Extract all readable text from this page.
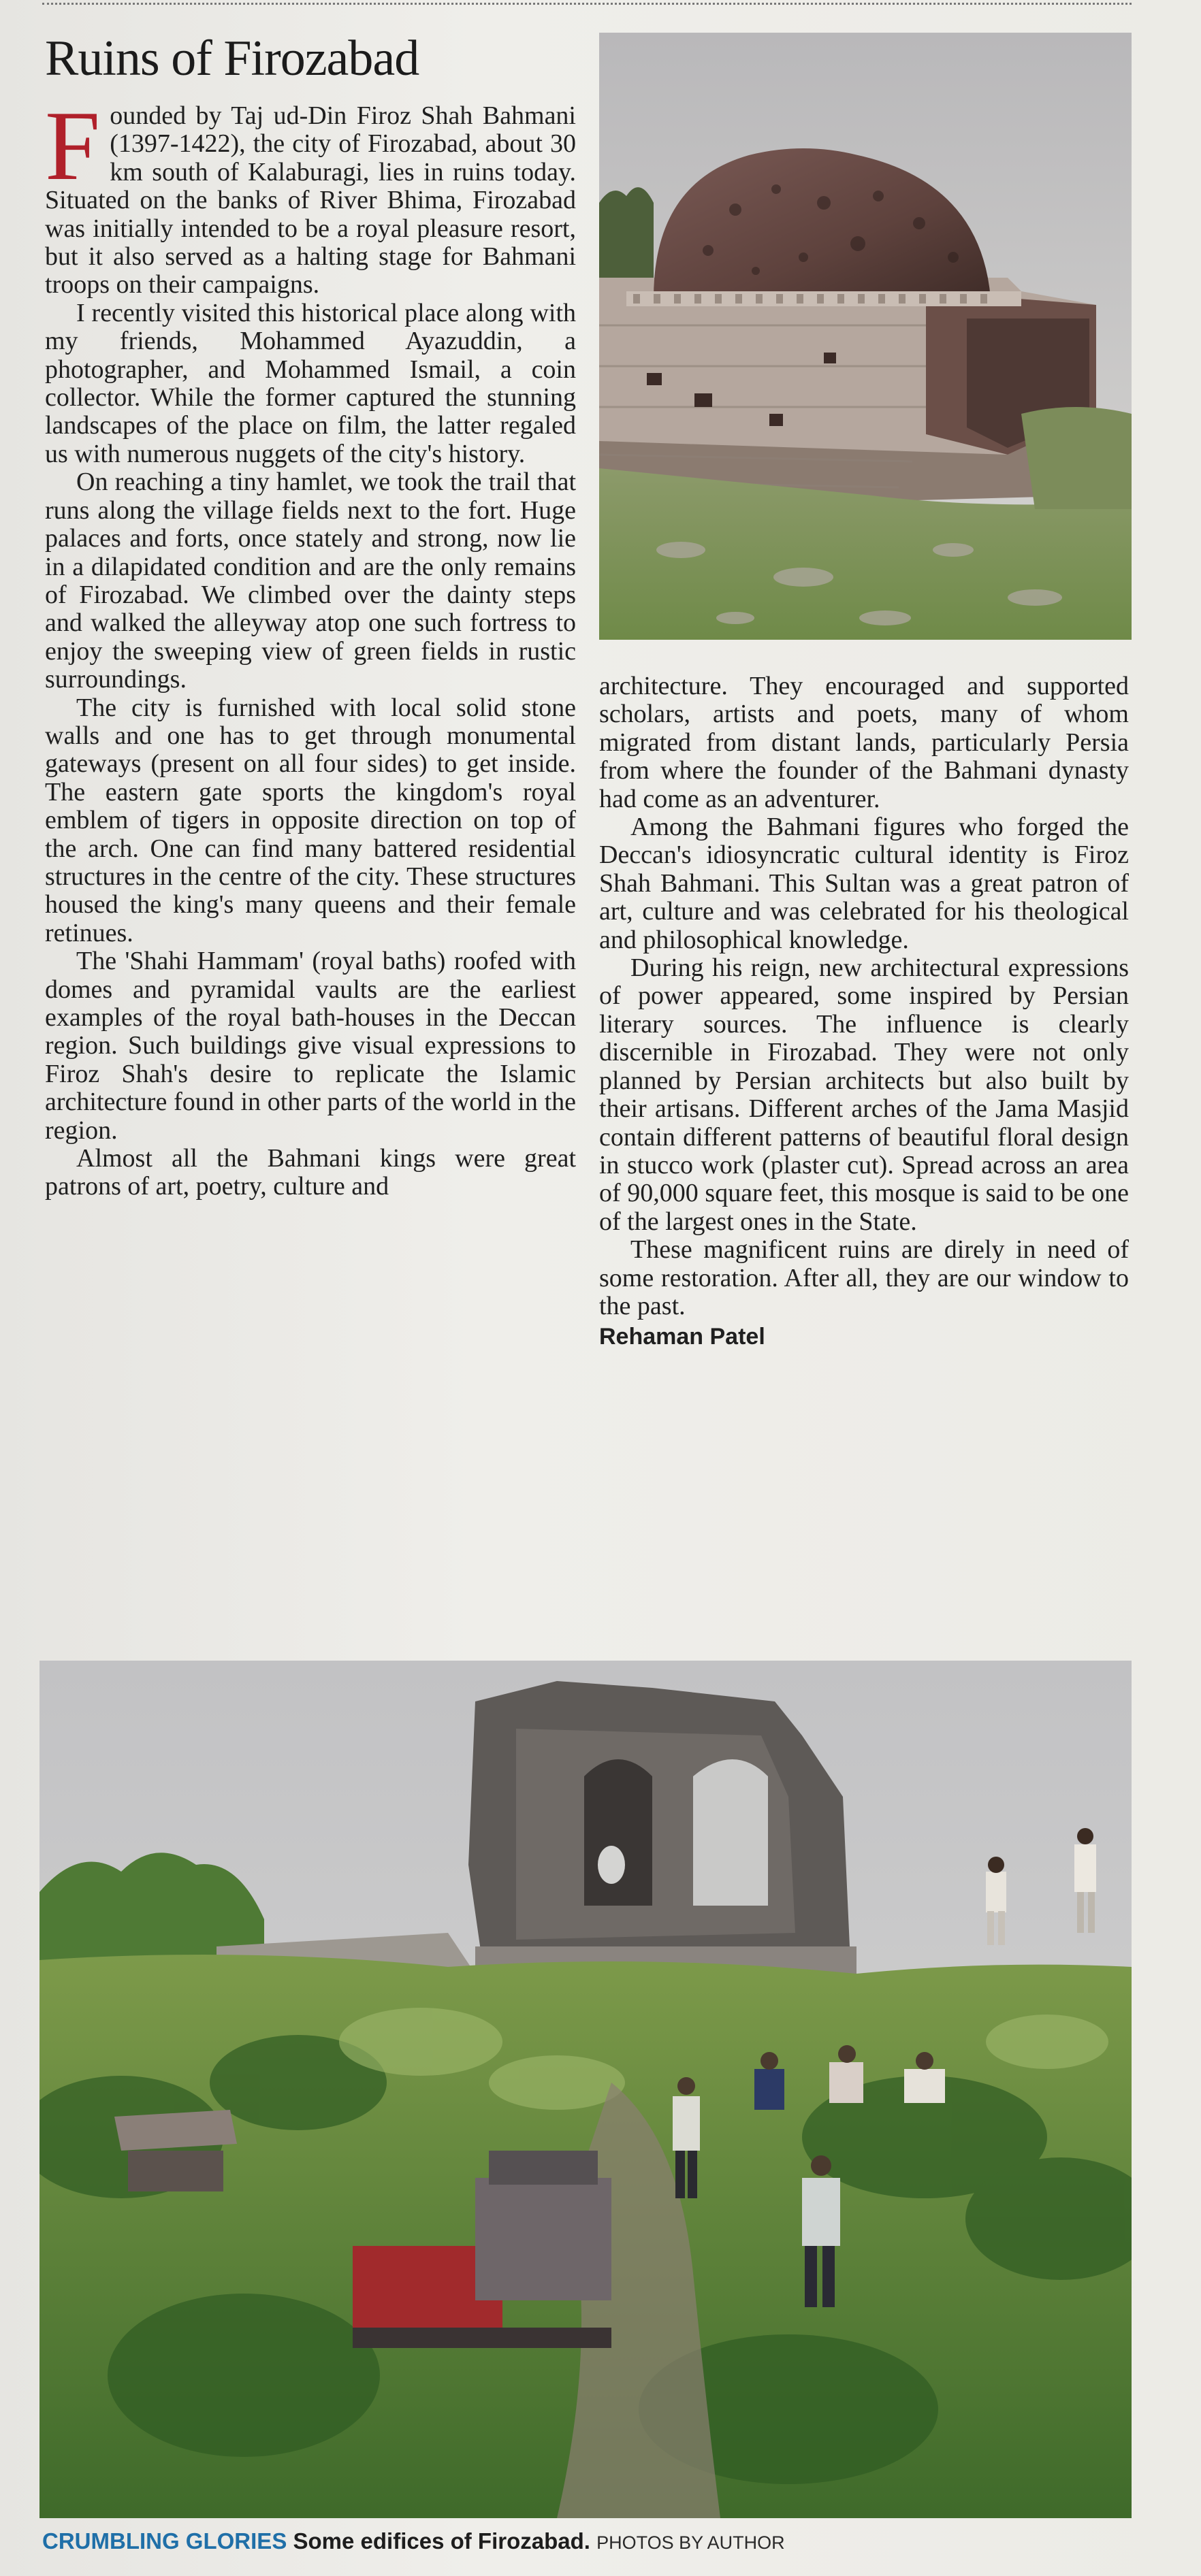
Ruins of Firozabad

Founded by Taj ud-Din Firoz Shah Bahmani (1397-1422), the city of Firozabad, about 30 km south of Kalaburagi, lies in ruins today. Situated on the banks of River Bhima, Firozabad was initially intended to be a royal pleasure resort, but it also served as a halting stage for Bahmani troops on their campaigns.

I recently visited this historical place along with my friends, Mohammed Ayazuddin, a photographer, and Mohammed Ismail, a coin collector. While the former captured the stunning landscapes of the place on film, the latter regaled us with numerous nuggets of the city's history.

On reaching a tiny hamlet, we took the trail that runs along the village fields next to the fort. Huge palaces and forts, once stately and strong, now lie in a dilapidated condition and are the only remains of Firozabad. We climbed over the dainty steps and walked the alleyway atop one such fortress to enjoy the sweeping view of green fields in rustic surroundings.

The city is furnished with local solid stone walls and one has to get through monumental gateways (present on all four sides) to get inside. The eastern gate sports the kingdom's royal emblem of tigers in opposite direction on top of the arch. One can find many battered residential structures in the centre of the city. These structures housed the king's many queens and their female retinues.

The 'Shahi Hammam' (royal baths) roofed with domes and pyramidal vaults are the earliest examples of the royal bath-houses in the Deccan region. Such buildings give visual expressions to Firoz Shah's desire to replicate the Islamic architecture found in other parts of the world in the region.

Almost all the Bahmani kings were great patrons of art, poetry, culture and

architecture. They encouraged and supported scholars, artists and poets, many of whom migrated from distant lands, particularly Persia from where the founder of the Bahmani dynasty had come as an adventurer.

Among the Bahmani figures who forged the Deccan's idiosyncratic cultural identity is Firoz Shah Bahmani. This Sultan was a great patron of art, culture and was celebrated for his theological and philosophical knowledge.

During his reign, new architectural expressions of power appeared, some inspired by Persian literary sources. The influence is clearly discernible in Firozabad. They were not only planned by Persian architects but also built by their artisans. Different arches of the Jama Masjid contain different patterns of beautiful floral design in stucco work (plaster cut). Spread across an area of 90,000 square feet, this mosque is said to be one of the largest ones in the State.

These magnificent ruins are direly in need of some restoration. After all, they are our window to the past.

Rehaman Patel
CRUMBLING GLORIES Some edifices of Firozabad. PHOTOS BY AUTHOR
